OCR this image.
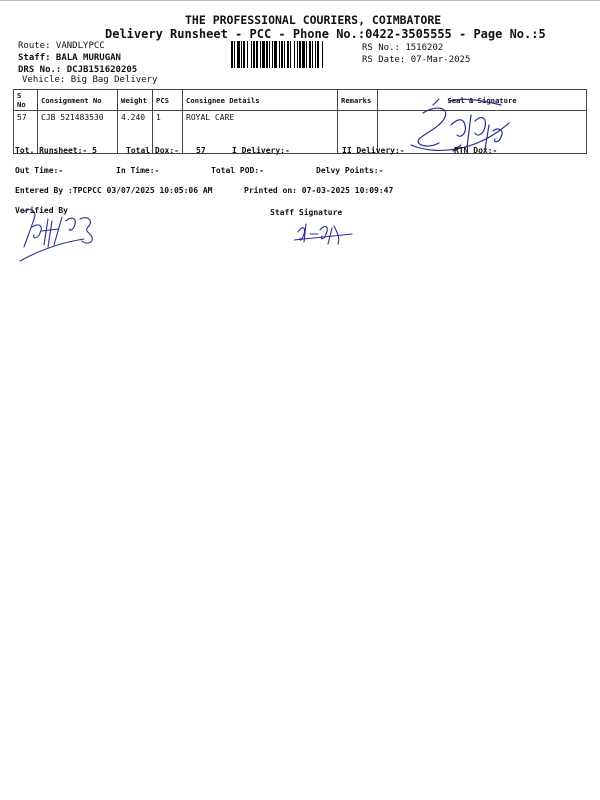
THE PROFESSIONAL COURIERS, COIMBATORE
Delivery Runsheet - PCC - Phone No.:0422-3505555 - Page No.:5
Route: VANDLYPCC
Staff: BALA MURUGAN
DRS No.: DCJB151620205
Vehicle: Big Bag Delivery
RS No.: 1516202
RS Date: 07-Mar-2025
S No	Consignment No	Weight	PCS	Consignee Details	Remarks	Seal & Signature
57	CJB 521483530	4.240	1	ROYAL CARE		
Tot. Runsheet:- 5	Total Dox:- 57	I Delivery:-	II Delivery:-	RTN Dox:-
Out Time:-	In Time:-	Total POD:-	Delvy Points:-
Entered By :TPCPCC 03/07/2025 10:05:06 AM	Printed on: 07-03-2025 10:09:47
Verified By	Staff Signature
